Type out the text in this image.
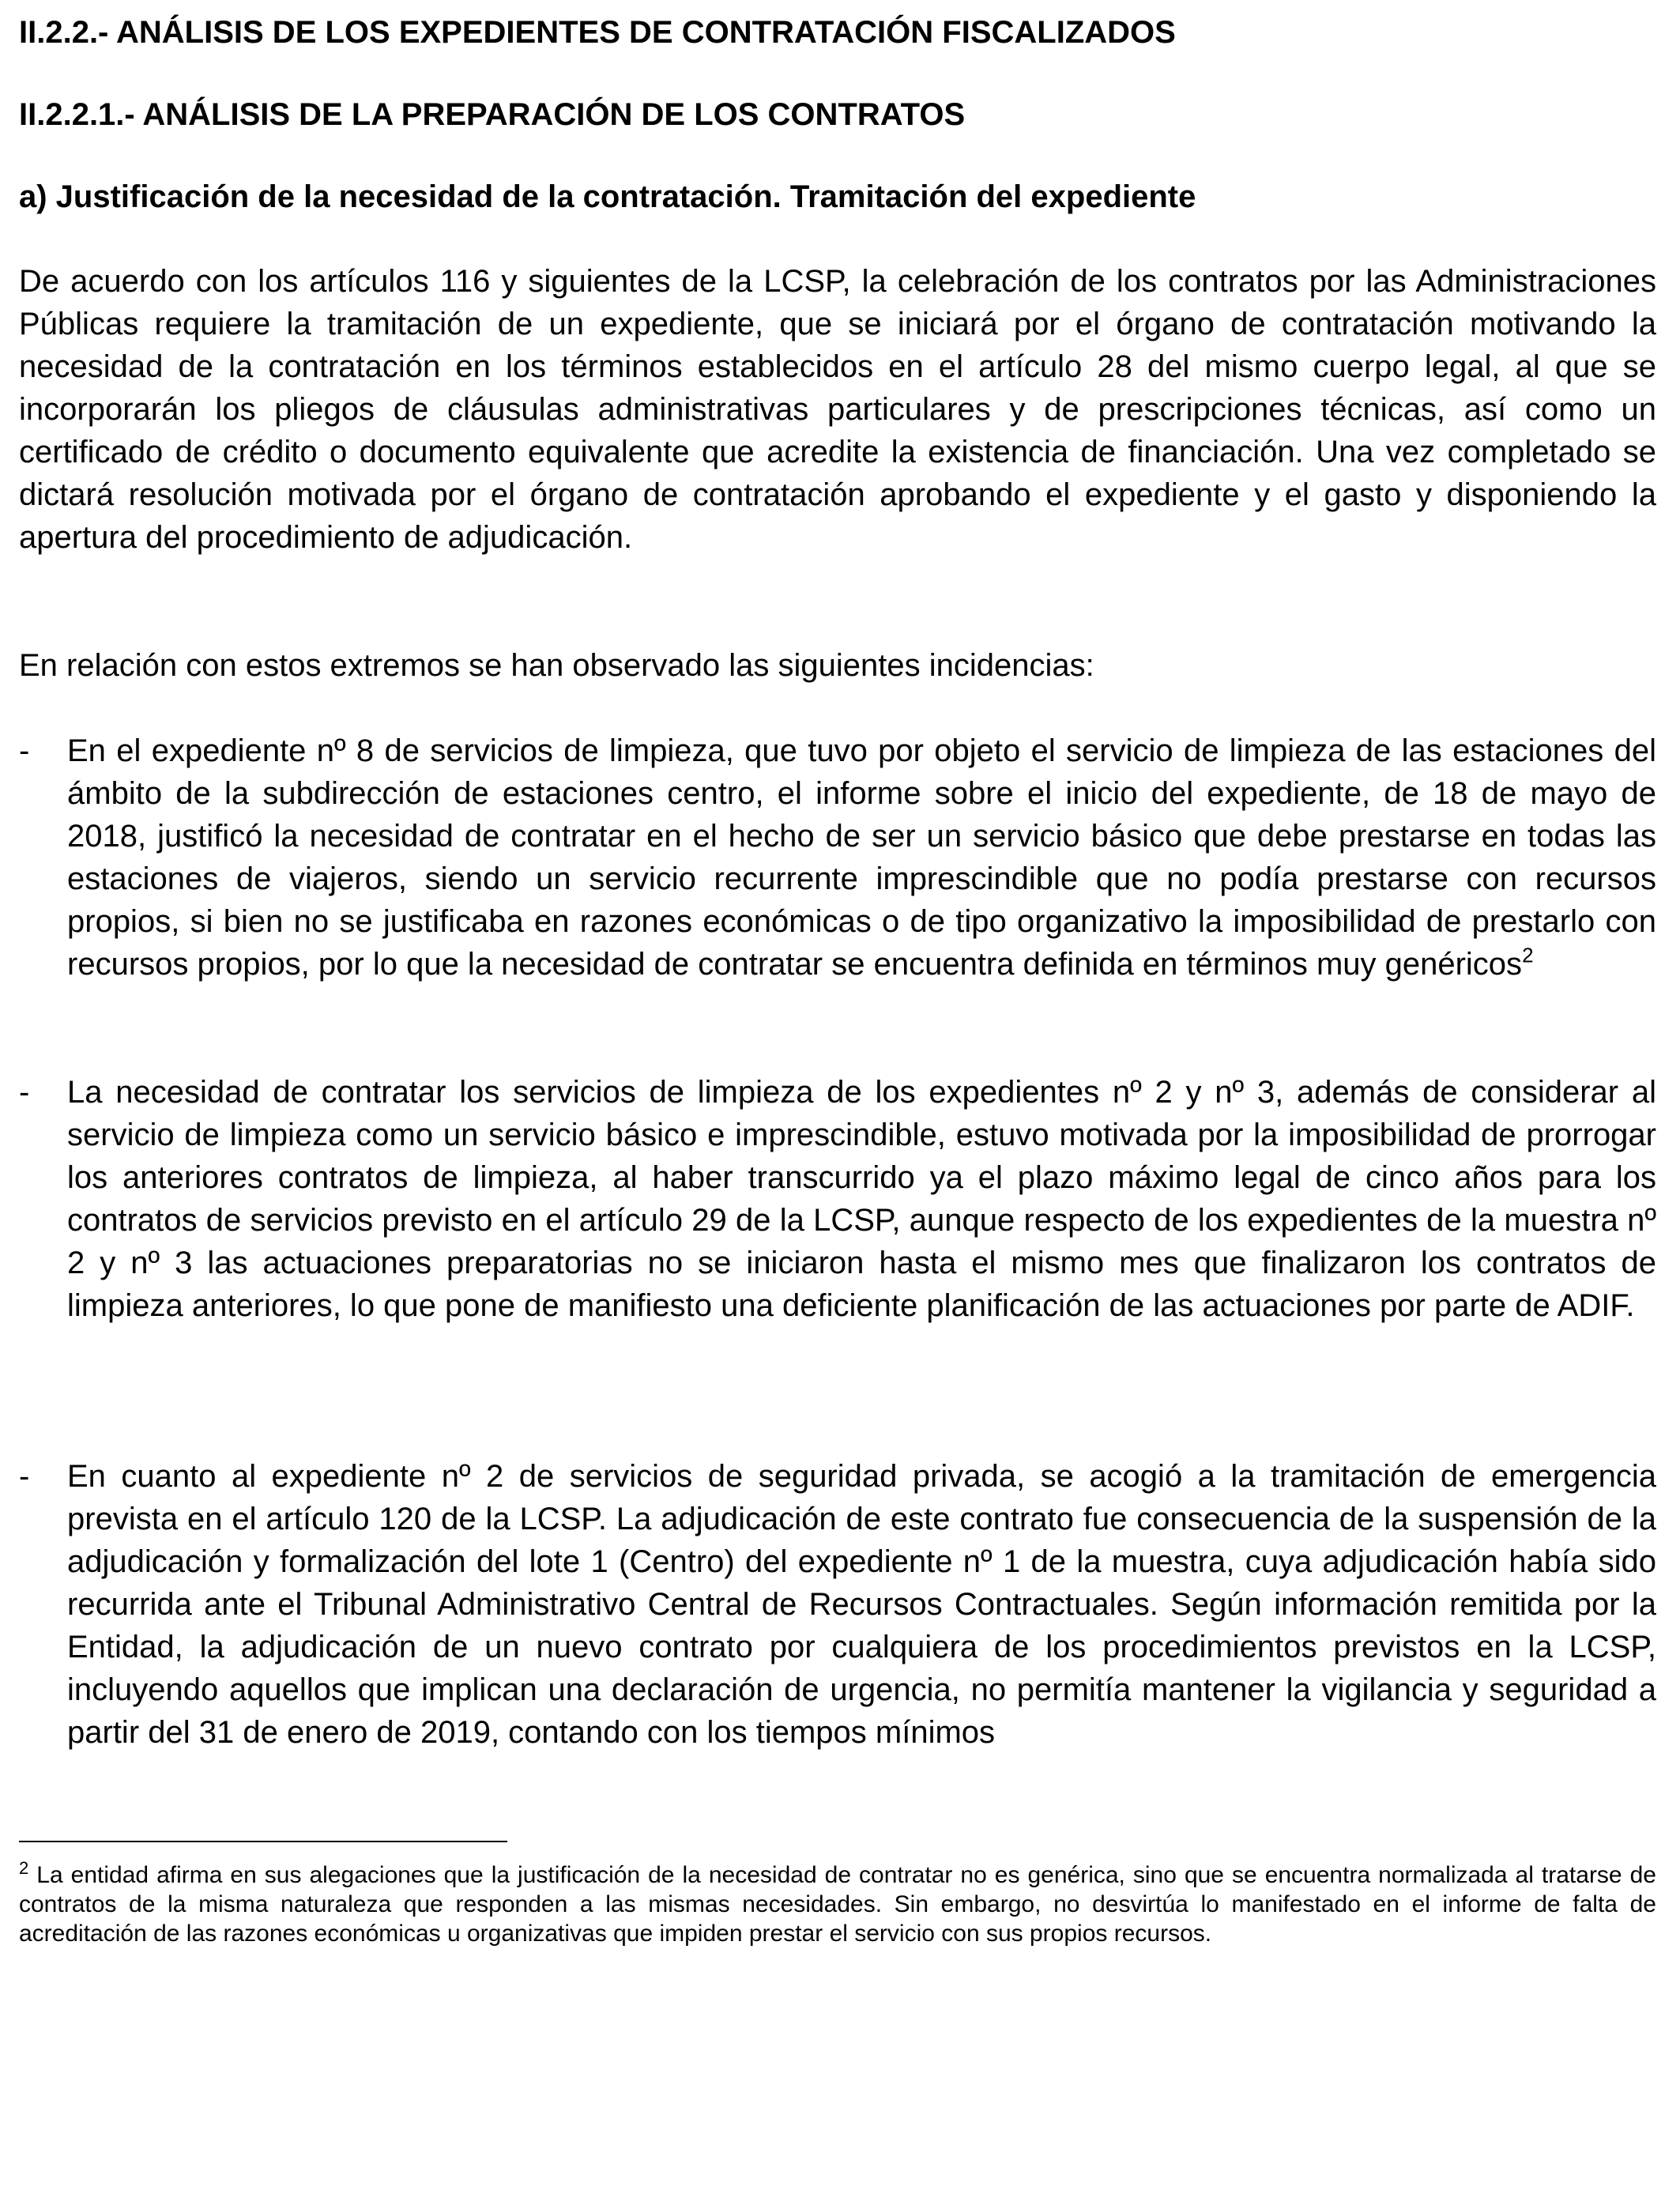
II.2.2.- ANÁLISIS DE LOS EXPEDIENTES DE CONTRATACIÓN FISCALIZADOS
II.2.2.1.- ANÁLISIS DE LA PREPARACIÓN DE LOS CONTRATOS
a) Justificación de la necesidad de la contratación. Tramitación del expediente

De acuerdo con los artículos 116 y siguientes de la LCSP, la celebración de los contratos por las Administraciones Públicas requiere la tramitación de un expediente, que se iniciará por el órgano de contratación motivando la necesidad de la contratación en los términos establecidos en el artículo 28 del mismo cuerpo legal, al que se incorporarán los pliegos de cláusulas administrativas particulares y de prescripciones técnicas, así como un certificado de crédito o documento equivalente que acredite la existencia de financiación. Una vez completado se dictará resolución motivada por el órgano de contratación aprobando el expediente y el gasto y disponiendo la apertura del procedimiento de adjudicación.

En relación con estos extremos se han observado las siguientes incidencias:

- En el expediente nº 8 de servicios de limpieza, que tuvo por objeto el servicio de limpieza de las estaciones del ámbito de la subdirección de estaciones centro, el informe sobre el inicio del expediente, de 18 de mayo de 2018, justificó la necesidad de contratar en el hecho de ser un servicio básico que debe prestarse en todas las estaciones de viajeros, siendo un servicio recurrente imprescindible que no podía prestarse con recursos propios, si bien no se justificaba en razones económicas o de tipo organizativo la imposibilidad de prestarlo con recursos propios, por lo que la necesidad de contratar se encuentra definida en términos muy genéricos$^2$

- La necesidad de contratar los servicios de limpieza de los expedientes nº 2 y nº 3, además de considerar al servicio de limpieza como un servicio básico e imprescindible, estuvo motivada por la imposibilidad de prorrogar los anteriores contratos de limpieza, al haber transcurrido ya el plazo máximo legal de cinco años para los contratos de servicios previsto en el artículo 29 de la LCSP, aunque respecto de los expedientes de la muestra nº 2 y nº 3 las actuaciones preparatorias no se iniciaron hasta el mismo mes que finalizaron los contratos de limpieza anteriores, lo que pone de manifiesto una deficiente planificación de las actuaciones por parte de ADIF.

- En cuanto al expediente nº 2 de servicios de seguridad privada, se acogió a la tramitación de emergencia prevista en el artículo 120 de la LCSP. La adjudicación de este contrato fue consecuencia de la suspensión de la adjudicación y formalización del lote 1 (Centro) del expediente nº 1 de la muestra, cuya adjudicación había sido recurrida ante el Tribunal Administrativo Central de Recursos Contractuales. Según información remitida por la Entidad, la adjudicación de un nuevo contrato por cualquiera de los procedimientos previstos en la LCSP, incluyendo aquellos que implican una declaración de urgencia, no permitía mantener la vigilancia y seguridad a partir del 31 de enero de 2019, contando con los tiempos mínimos

$^2$ La entidad afirma en sus alegaciones que la justificación de la necesidad de contratar no es genérica, sino que se encuentra normalizada al tratarse de contratos de la misma naturaleza que responden a las mismas necesidades. Sin embargo, no desvirtúa lo manifestado en el informe de falta de acreditación de las razones económicas u organizativas que impiden prestar el servicio con sus propios recursos.
